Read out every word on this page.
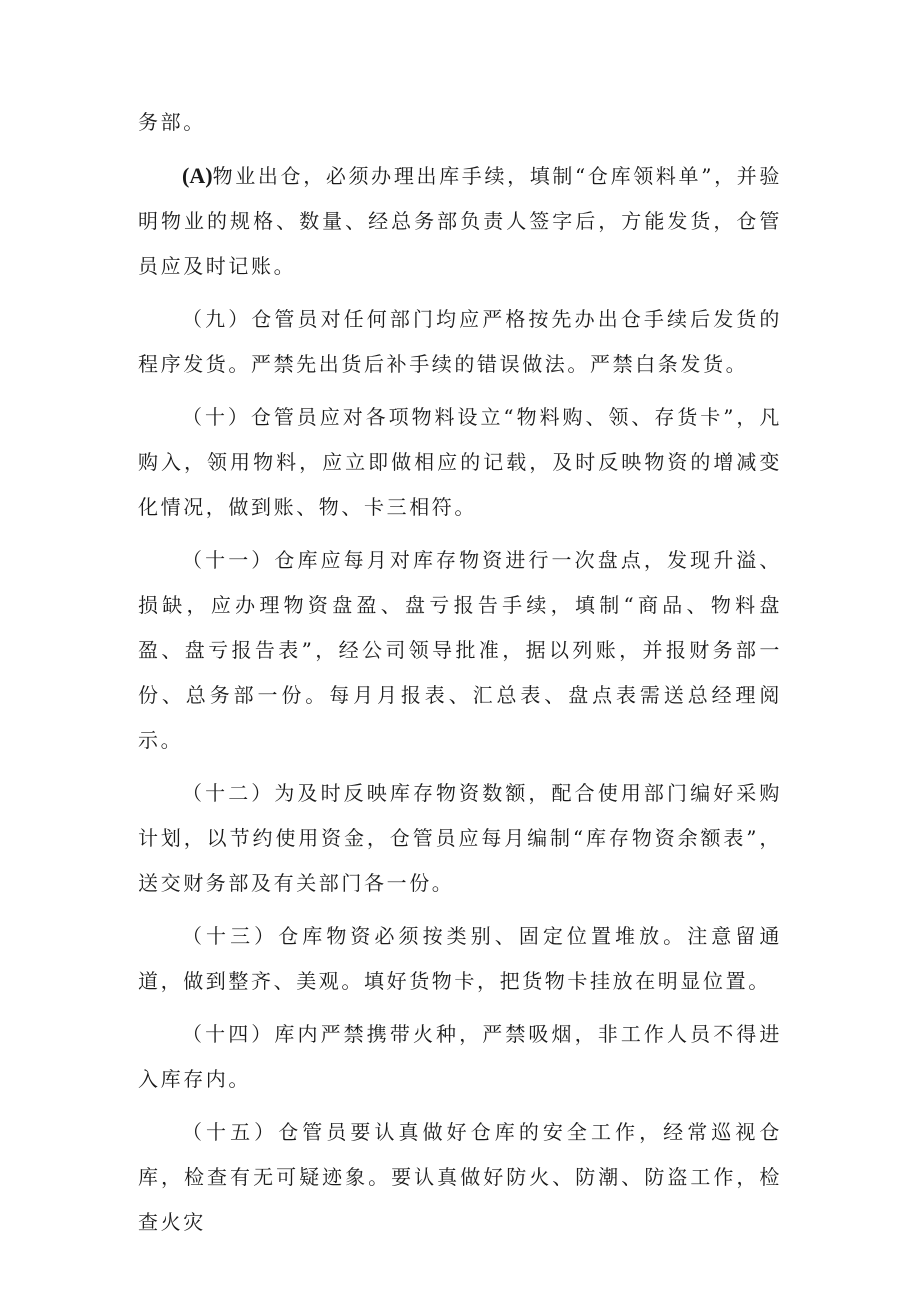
务部。

(A)物业出仓，必须办理出库手续，填制“仓库领料单”，并验明物业的规格、数量、经总务部负责人签字后，方能发货，仓管员应及时记账。

（九）仓管员对任何部门均应严格按先办出仓手续后发货的程序发货。严禁先出货后补手续的错误做法。严禁白条发货。

（十）仓管员应对各项物料设立“物料购、领、存货卡”，凡购入，领用物料，应立即做相应的记载，及时反映物资的增减变化情况，做到账、物、卡三相符。

（十一）仓库应每月对库存物资进行一次盘点，发现升溢、损缺，应办理物资盘盈、盘亏报告手续，填制“商品、物料盘盈、盘亏报告表”，经公司领导批准，据以列账，并报财务部一份、总务部一份。每月月报表、汇总表、盘点表需送总经理阅示。

（十二）为及时反映库存物资数额，配合使用部门编好采购计划，以节约使用资金，仓管员应每月编制“库存物资余额表”，送交财务部及有关部门各一份。

（十三）仓库物资必须按类别、固定位置堆放。注意留通道，做到整齐、美观。填好货物卡，把货物卡挂放在明显位置。

（十四）库内严禁携带火种，严禁吸烟，非工作人员不得进入库存内。

（十五）仓管员要认真做好仓库的安全工作，经常巡视仓库，检查有无可疑迹象。要认真做好防火、防潮、防盗工作，检查火灾
